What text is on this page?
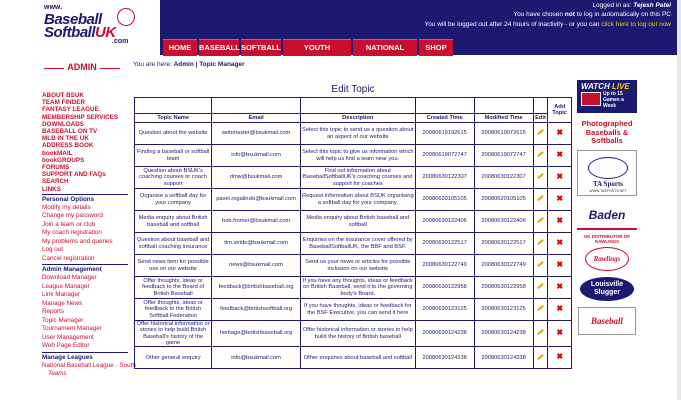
www.
Baseball
SoftballUK
.com
Logged in as: Tejesh Patel
You have chosen not to log in automatically on this PC
You will be logged out after 24 hours of inactivity - or you can click here to log out now
HOME	BASEBALL SOFTBALL	YOUTH	NATIONAL TEAMS
SHOP
ADMIN
ABOUT BSUK
TEAM FINDER
FANTASY LEAGUE
MEMBERSHIP SERVICES
DOWNLOADS
BASEBALL ON TV
MLB IN THE UK
ADDRESS BOOK
bookMAIL
bookGROUPS
FORUMS
SUPPORT AND FAQs
SEARCH
LINKS
Personal Options
Modify my details
Change my password
Join a team or club
My coach registration
My problems and queries
Log out
Cancel registration
Admin Management
Download Manager
League Manager
Link Manager
Manage News
Reports
Topic Manager
Tournament Manager
User Management
Web Page Editor
Manage Leagues
National Baseball League - South
Teams
You are here: Admin | Topic Manager
Edit Topic
						Add Topic
Topic Name	Email	Description	Created Time	Modified Time	Edit	
Question about the website	webmaster@bsukmail.com	Select this topic to send us a question about an aspect of our website	20080619192615	20080619072615		✖
Finding a baseball or softball team	info@bsukmail.com	Select this topic to give us information which will help us find a team near you.	20080619072747	20080619072747		✖
Question about BSUK's coaching courses or coach support	dmw@bsukmail.com	Find out information about BaseballSoftballUK's coaching courses and support for coaches	20080630122307	20080630122307		✖
Organise a softball day for your company	pavel.rogalinski@bsukmail.com	Request information about BSUK organising a softball day for your company.	20080620105105	20080620105105		✖
Media enquiry about British baseball and softball	bob.fromer@bsukmail.com	Media enquiry about British baseball and softball	20080630122406	20080630122406		✖
Question about baseball and softball coaching insurance	tim.stride@bsukmail.com	Enquiries on the insurance cover offered by BaseballSoftballUK, the BBF and BSF.	20080630122517	20080630122517		✖
Send news item for possible use on our website	news@bsukmail.com	Send us your news or articles for possible inclusion on our website	20080630122749	20080630122749		✖
Offer thoughts, ideas or feedback to the Board of British Baseball	feedback@britishbaseball.org	If you have any thoughts, ideas or feedback on British Baseball, send it to the governing body's Board.	20080630122958	20080630122958		✖
Offer thoughts, ideas or feedback to the British Softball Federation	feedback@britishsoftball.org	If you have thoughts, ideas or feedback for the BSF Executive, you can send it here	20080630123125	20080630123125		✖
Offer historical information or stories to help build British Baseball's history of the game	heritage@britishbaseball.org	Offer historical information or stories to help build the history of British baseball	20080630124238	20080630124238		✖
Other general enquiry	info@bsukmail.com	Other enquiries about baseball and softball	20080630124338	20080630124338		✖
WATCH LIVE
Up to 15 Games a Week
Photographed Baseballs & Softballs
TA Sports
WWW.TASPORTS.NET
Baden
UK DISTRIBUTOR OF RAWLINGS
Rawlings
Louisville Slugger
Baseball
